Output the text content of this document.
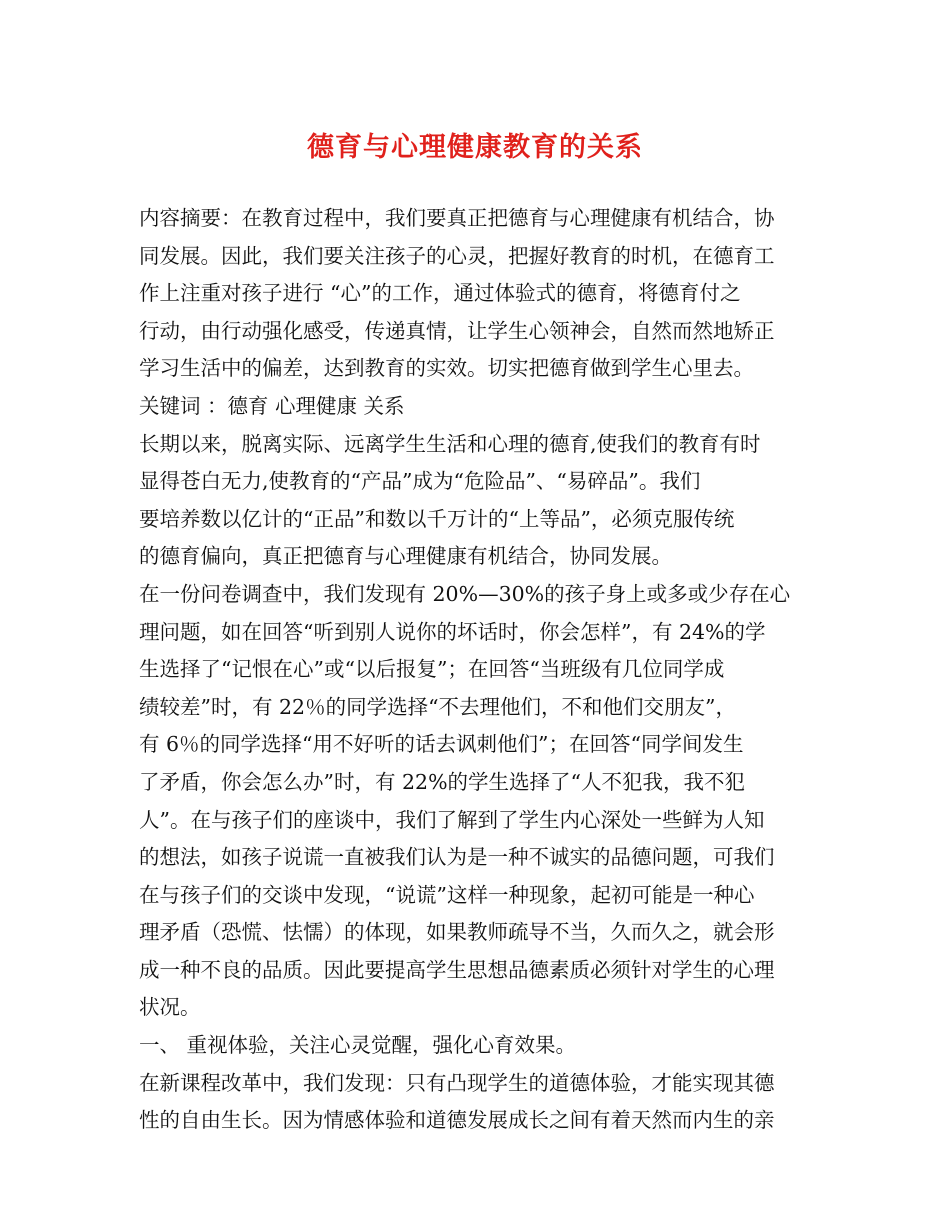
德育与心理健康教育的关系
内容摘要：在教育过程中，我们要真正把德育与心理健康有机结合，协
同发展。因此，我们要关注孩子的心灵，把握好教育的时机，在德育工
作上注重对孩子进行 “心”的工作，通过体验式的德育，将德育付之
行动，由行动强化感受，传递真情，让学生心领神会，自然而然地矫正
学习生活中的偏差，达到教育的实效。切实把德育做到学生心里去。
关键词 ：德育 心理健康 关系
长期以来，脱离实际、远离学生生活和心理的德育,使我们的教育有时
显得苍白无力,使教育的“产品”成为“危险品”、“易碎品”。我们
要培养数以亿计的“正品”和数以千万计的“上等品”，必须克服传统
的德育偏向，真正把德育与心理健康有机结合，协同发展。
在一份问卷调查中，我们发现有 20%—30%的孩子身上或多或少存在心
理问题，如在回答“听到别人说你的坏话时，你会怎样”，有 24%的学
生选择了“记恨在心”或“以后报复”；在回答“当班级有几位同学成
绩较差”时，有 22％的同学选择“不去理他们，不和他们交朋友”，
有 6％的同学选择“用不好听的话去讽刺他们”；在回答“同学间发生
了矛盾，你会怎么办”时，有 22%的学生选择了“人不犯我，我不犯
人”。在与孩子们的座谈中，我们了解到了学生内心深处一些鲜为人知
的想法，如孩子说谎一直被我们认为是一种不诚实的品德问题，可我们
在与孩子们的交谈中发现，“说谎”这样一种现象，起初可能是一种心
理矛盾（恐慌、怯懦）的体现，如果教师疏导不当，久而久之，就会形
成一种不良的品质。因此要提高学生思想品德素质必须针对学生的心理
状况。
一、 重视体验，关注心灵觉醒，强化心育效果。
在新课程改革中，我们发现：只有凸现学生的道德体验，才能实现其德
性的自由生长。因为情感体验和道德发展成长之间有着天然而内生的亲
